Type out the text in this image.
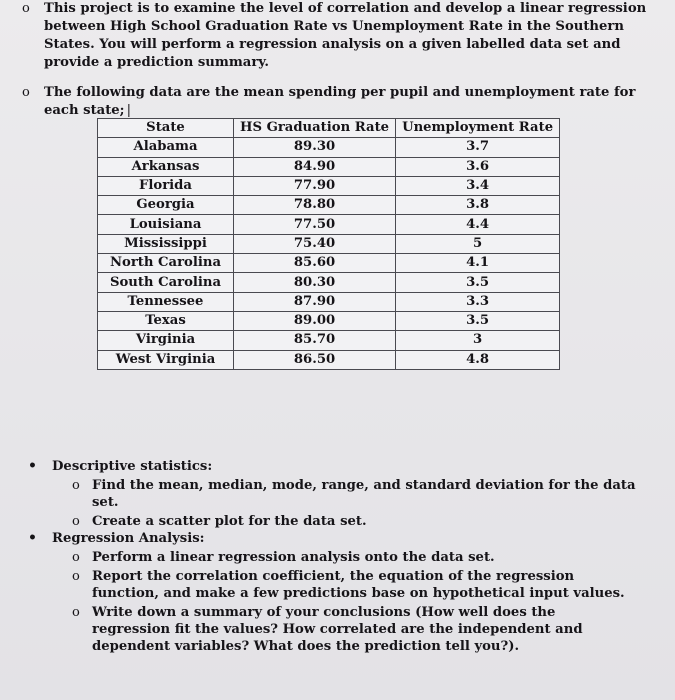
o	This project is to examine the level of correlation and develop a linear regression between High School Graduation Rate vs Unemployment Rate in the Southern States. You will perform a regression analysis on a given labelled data set and provide a prediction summary.
o	The following data are the mean spending per pupil and unemployment rate for each state; |
State	HS Graduation Rate	Unemployment Rate
Alabama	89.30	3.7
Arkansas	84.90	3.6
Florida	77.90	3.4
Georgia	78.80	3.8
Louisiana	77.50	4.4
Mississippi	75.40	5
North Carolina	85.60	4.1
South Carolina	80.30	3.5
Tennessee	87.90	3.3
Texas	89.00	3.5
Virginia	85.70	3
West Virginia	86.50	4.8
•	Descriptive statistics:
o Find the mean, median, mode, range, and standard deviation for the data set.
o Create a scatter plot for the data set.
•	Regression Analysis:
o Perform a linear regression analysis onto the data set.
o Report the correlation coefficient, the equation of the regression function, and make a few predictions base on hypothetical input values.
o Write down a summary of your conclusions (How well does the regression fit the values? How correlated are the independent and dependent variables? What does the prediction tell you?).
